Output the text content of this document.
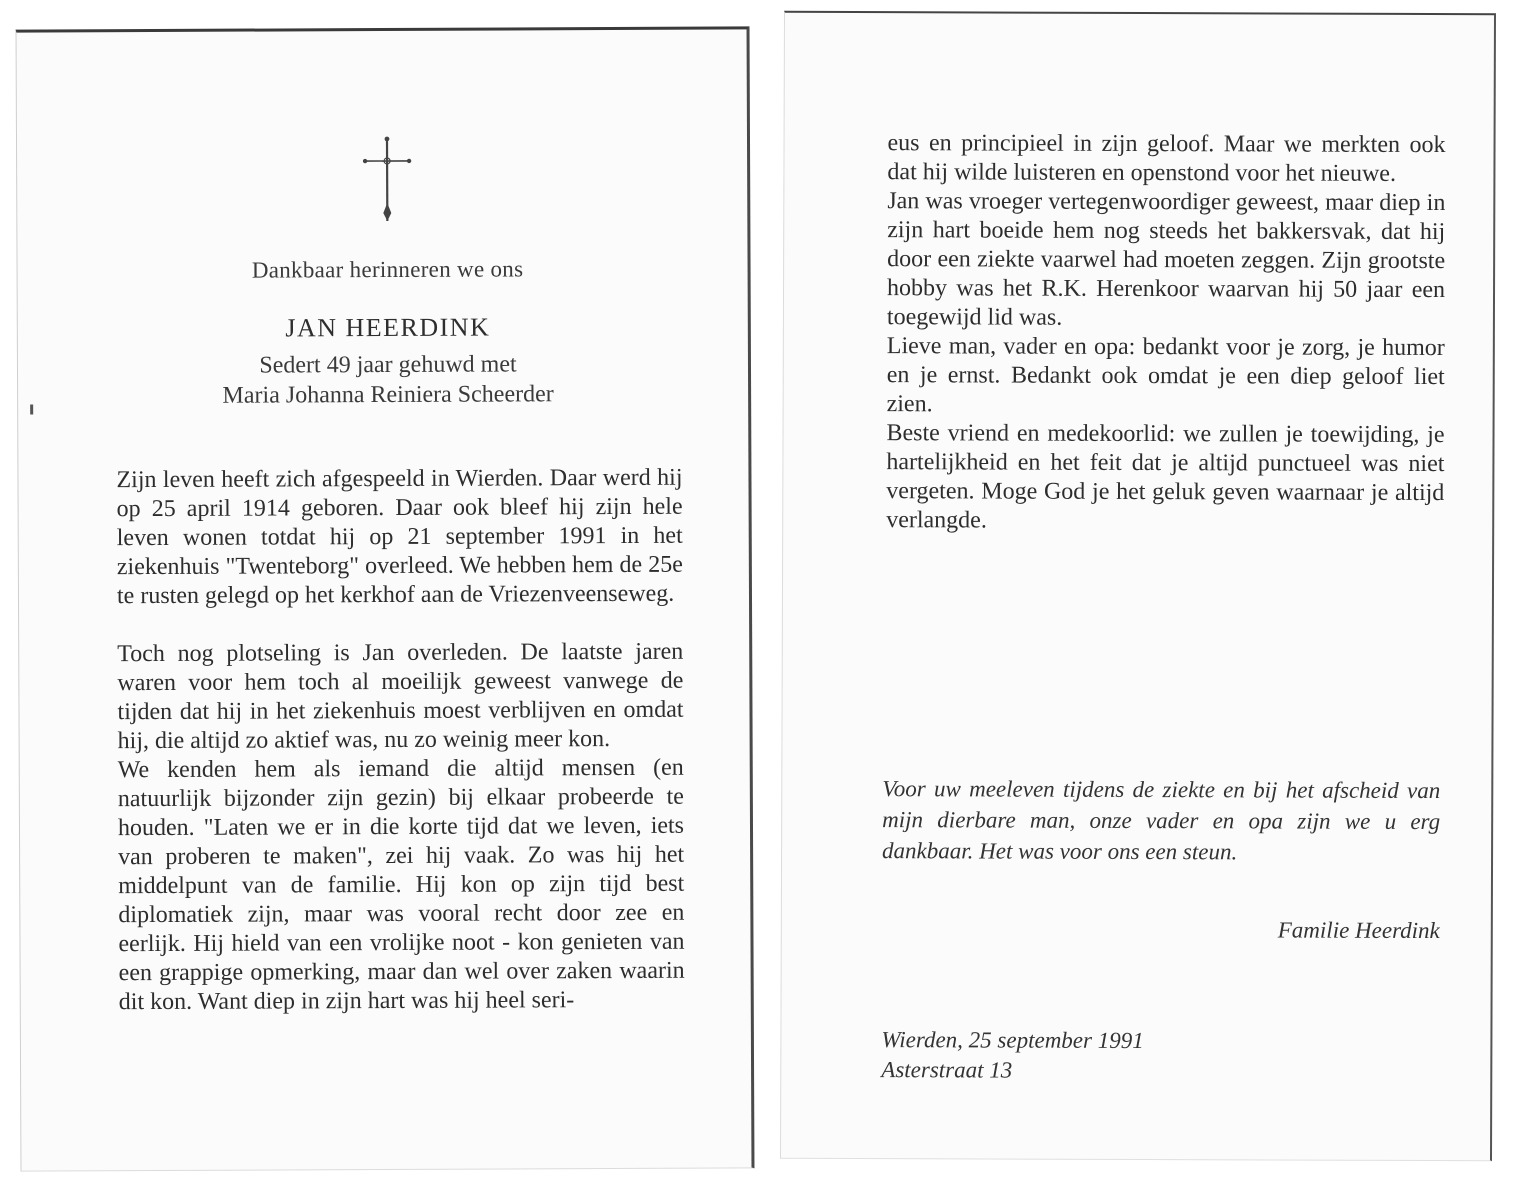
Dankbaar herinneren we ons
JAN HEERDINK
Sedert 49 jaar gehuwd met
Maria Johanna Reiniera Scheerder

Zijn leven heeft zich afgespeeld in Wierden. Daar werd hij op 25 april 1914 geboren. Daar ook bleef hij zijn hele leven wonen totdat hij op 21 september 1991 in het ziekenhuis "Twenteborg" overleed. We hebben hem de 25e te rusten gelegd op het kerkhof aan de Vriezenveenseweg.

Toch nog plotseling is Jan overleden. De laatste jaren waren voor hem toch al moeilijk geweest vanwege de tijden dat hij in het ziekenhuis moest verblijven en omdat hij, die altijd zo aktief was, nu zo weinig meer kon.

We kenden hem als iemand die altijd mensen (en natuurlijk bijzonder zijn gezin) bij elkaar probeerde te houden. "Laten we er in die korte tijd dat we leven, iets van proberen te maken", zei hij vaak. Zo was hij het middelpunt van de familie. Hij kon op zijn tijd best diplomatiek zijn, maar was vooral recht door zee en eerlijk. Hij hield van een vrolijke noot - kon genieten van een grappige opmerking, maar dan wel over zaken waarin dit kon. Want diep in zijn hart was hij heel seri-

eus en principieel in zijn geloof. Maar we merkten ook dat hij wilde luisteren en openstond voor het nieuwe.

Jan was vroeger vertegenwoordiger geweest, maar diep in zijn hart boeide hem nog steeds het bakkersvak, dat hij door een ziekte vaarwel had moeten zeggen. Zijn grootste hobby was het R.K. Herenkoor waarvan hij 50 jaar een toegewijd lid was.

Lieve man, vader en opa: bedankt voor je zorg, je humor en je ernst. Bedankt ook omdat je een diep geloof liet zien.

Beste vriend en medekoorlid: we zullen je toewijding, je hartelijkheid en het feit dat je altijd punctueel was niet vergeten. Moge God je het geluk geven waarnaar je altijd verlangde.

Voor uw meeleven tijdens de ziekte en bij het afscheid van mijn dierbare man, onze vader en opa zijn we u erg dankbaar. Het was voor ons een steun.
Familie Heerdink
Wierden, 25 september 1991
Asterstraat 13
